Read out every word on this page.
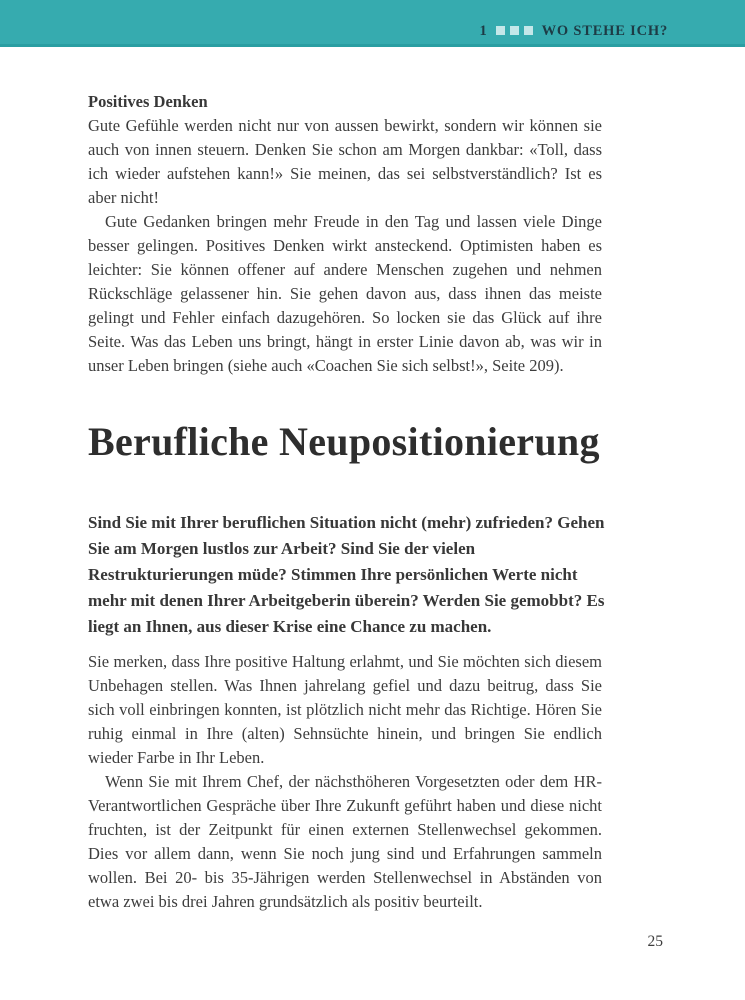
1	WO STEHE ICH?
Positives Denken

Gute Gefühle werden nicht nur von aussen bewirkt, sondern wir können sie auch von innen steuern. Denken Sie schon am Morgen dankbar: «Toll, dass ich wieder aufstehen kann!» Sie meinen, das sei selbstverständlich? Ist es aber nicht!

Gute Gedanken bringen mehr Freude in den Tag und lassen viele Dinge besser gelingen. Positives Denken wirkt ansteckend. Optimisten haben es leichter: Sie können offener auf andere Menschen zugehen und nehmen Rückschläge gelassener hin. Sie gehen davon aus, dass ihnen das meiste gelingt und Fehler einfach dazugehören. So locken sie das Glück auf ihre Seite. Was das Leben uns bringt, hängt in erster Linie davon ab, was wir in unser Leben bringen (siehe auch «Coachen Sie sich selbst!», Seite 209).

Berufliche Neupositionierung

Sind Sie mit Ihrer beruflichen Situation nicht (mehr) zufrieden? Gehen Sie am Morgen lustlos zur Arbeit? Sind Sie der vielen Restrukturierungen müde? Stimmen Ihre persönlichen Werte nicht mehr mit denen Ihrer Arbeitgeberin überein? Werden Sie gemobbt? Es liegt an Ihnen, aus dieser Krise eine Chance zu machen.

Sie merken, dass Ihre positive Haltung erlahmt, und Sie möchten sich diesem Unbehagen stellen. Was Ihnen jahrelang gefiel und dazu beitrug, dass Sie sich voll einbringen konnten, ist plötzlich nicht mehr das Richtige. Hören Sie ruhig einmal in Ihre (alten) Sehnsüchte hinein, und bringen Sie endlich wieder Farbe in Ihr Leben.

Wenn Sie mit Ihrem Chef, der nächsthöheren Vorgesetzten oder dem HR-Verantwortlichen Gespräche über Ihre Zukunft geführt haben und diese nicht fruchten, ist der Zeitpunkt für einen externen Stellenwechsel gekommen. Dies vor allem dann, wenn Sie noch jung sind und Erfahrungen sammeln wollen. Bei 20- bis 35-Jährigen werden Stellenwechsel in Abständen von etwa zwei bis drei Jahren grundsätzlich als positiv beurteilt.

25
